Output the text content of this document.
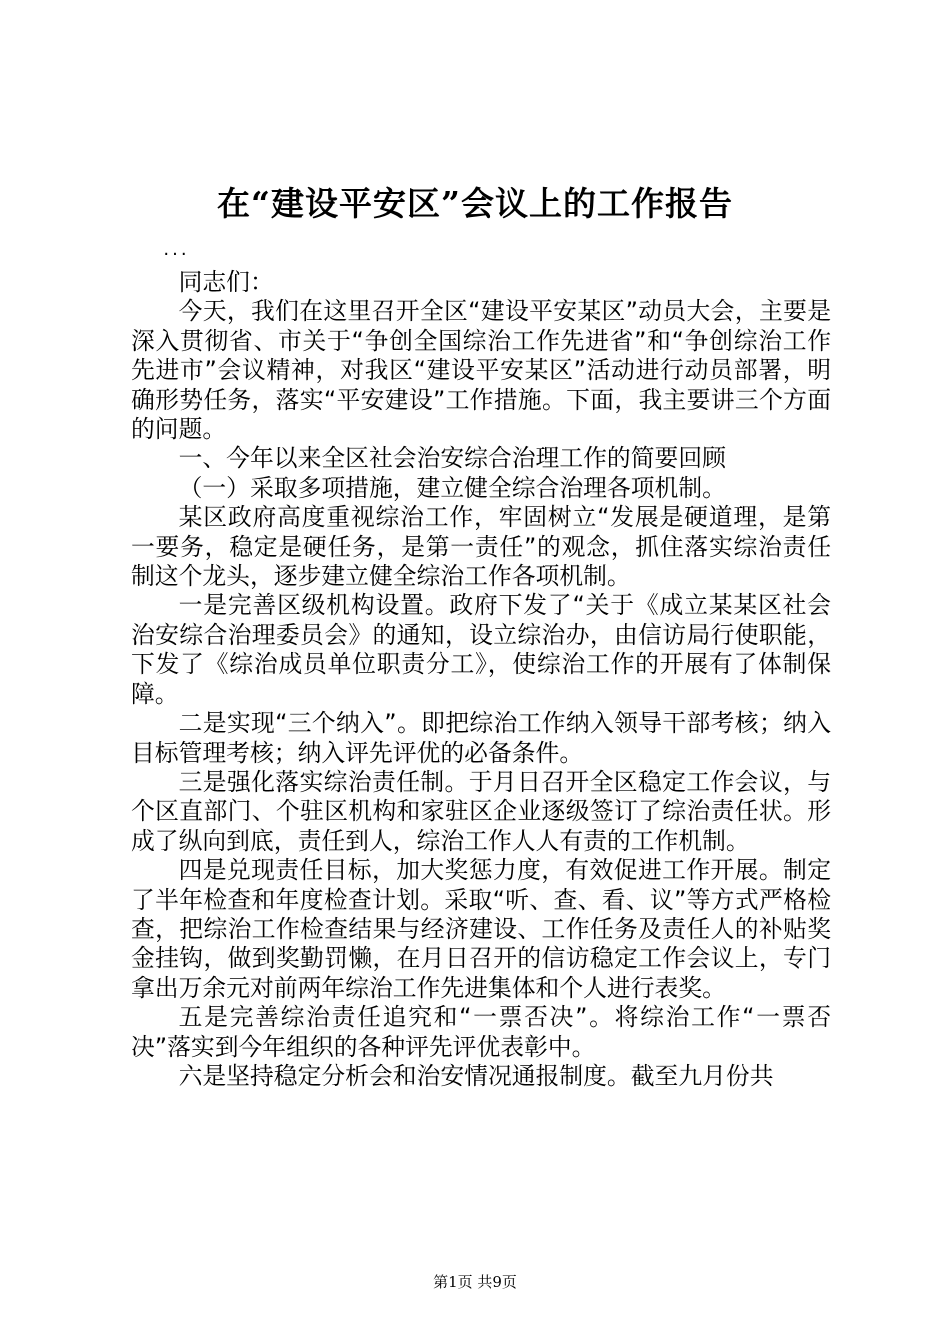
在“建设平安区”会议上的工作报告

...

同志们：

今天，我们在这里召开全区“建设平安某区”动员大会，主要是深入贯彻省、市关于“争创全国综治工作先进省”和“争创综治工作先进市”会议精神，对我区“建设平安某区”活动进行动员部署，明确形势任务，落实“平安建设”工作措施。下面，我主要讲三个方面的问题。

一、今年以来全区社会治安综合治理工作的简要回顾

（一）采取多项措施，建立健全综合治理各项机制。

某区政府高度重视综治工作，牢固树立“发展是硬道理，是第一要务，稳定是硬任务，是第一责任”的观念，抓住落实综治责任制这个龙头，逐步建立健全综治工作各项机制。

一是完善区级机构设置。政府下发了“关于《成立某某区社会治安综合治理委员会》的通知，设立综治办，由信访局行使职能，下发了《综治成员单位职责分工》，使综治工作的开展有了体制保障。

二是实现“三个纳入”。即把综治工作纳入领导干部考核；纳入目标管理考核；纳入评先评优的必备条件。

三是强化落实综治责任制。于月日召开全区稳定工作会议，与个区直部门、个驻区机构和家驻区企业逐级签订了综治责任状。形成了纵向到底，责任到人，综治工作人人有责的工作机制。

四是兑现责任目标，加大奖惩力度，有效促进工作开展。制定了半年检查和年度检查计划。采取“听、查、看、议”等方式严格检查，把综治工作检查结果与经济建设、工作任务及责任人的补贴奖金挂钩，做到奖勤罚懒，在月日召开的信访稳定工作会议上，专门拿出万余元对前两年综治工作先进集体和个人进行表奖。

五是完善综治责任追究和“一票否决”。将综治工作“一票否决”落实到今年组织的各种评先评优表彰中。

六是坚持稳定分析会和治安情况通报制度。截至九月份共

第1页 共9页
